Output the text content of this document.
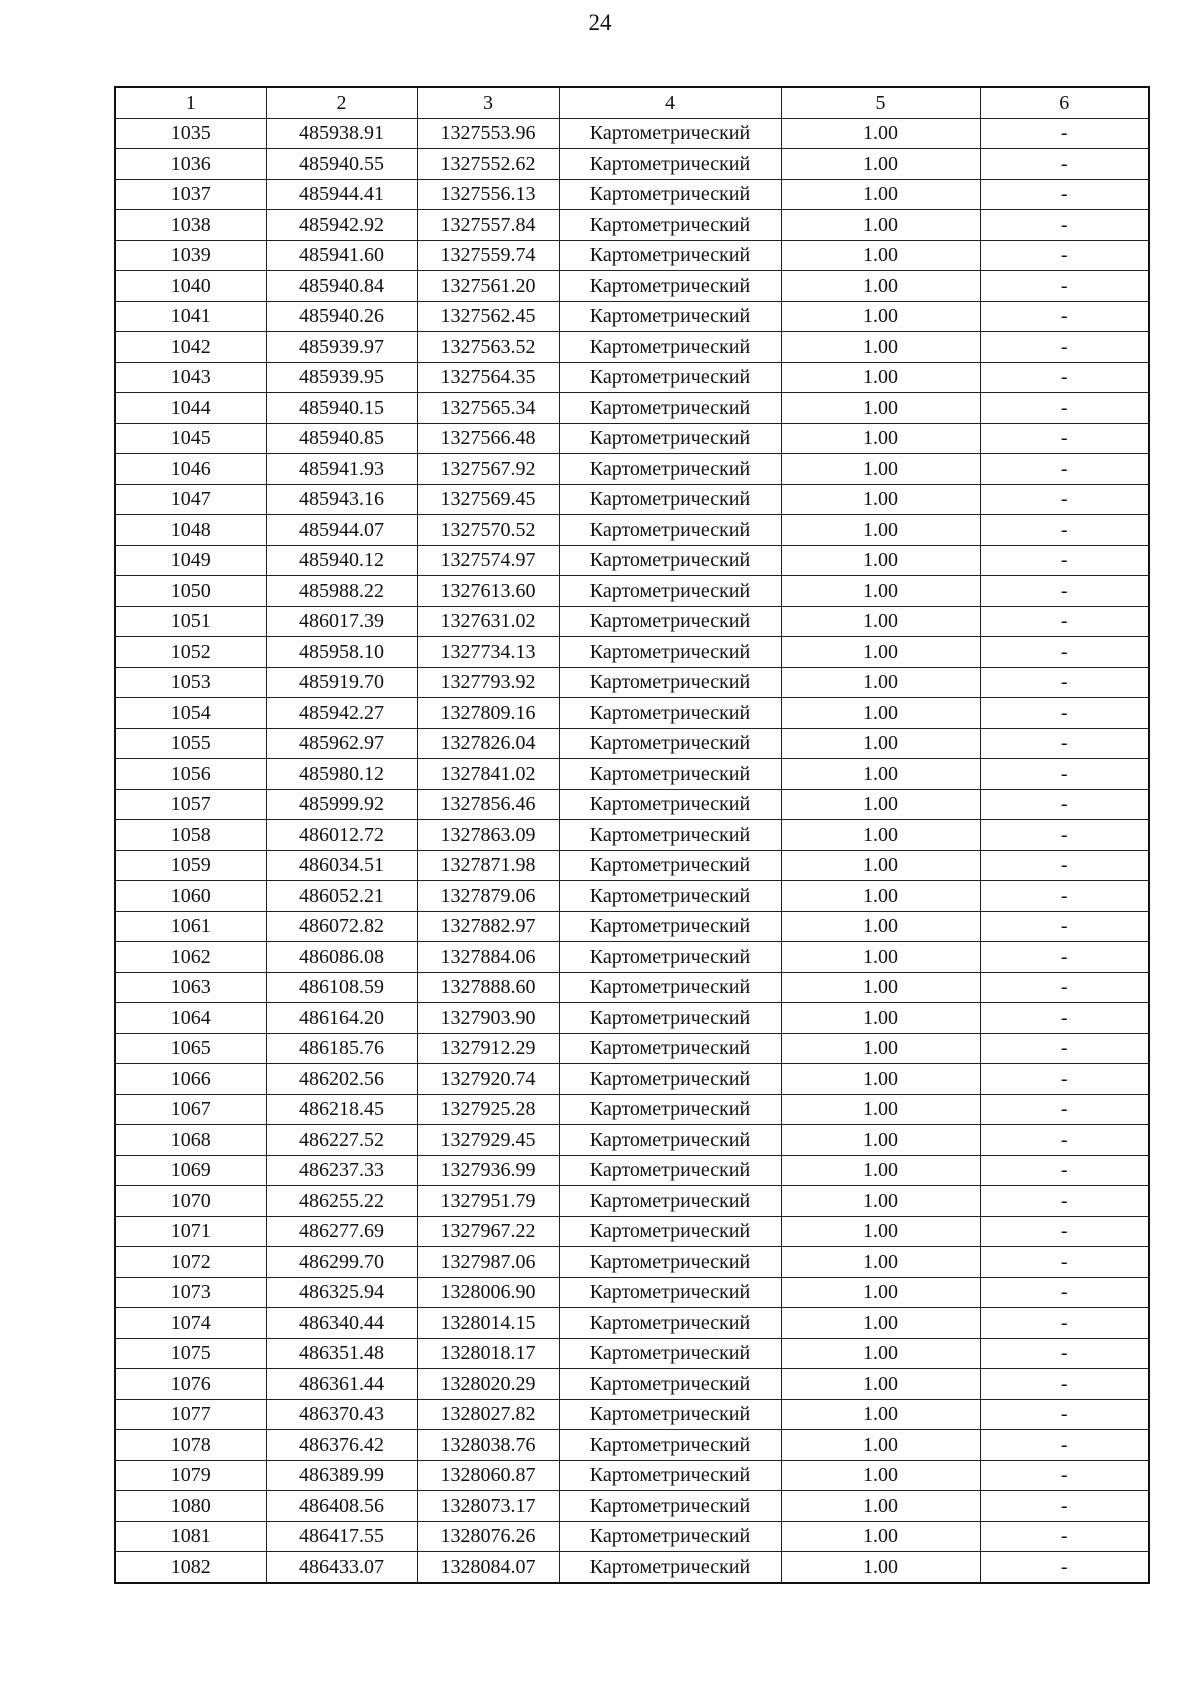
24
1	2	3	4	5	6
1035	485938.91	1327553.96	Картометрический	1.00	-
1036	485940.55	1327552.62	Картометрический	1.00	-
1037	485944.41	1327556.13	Картометрический	1.00	-
1038	485942.92	1327557.84	Картометрический	1.00	-
1039	485941.60	1327559.74	Картометрический	1.00	-
1040	485940.84	1327561.20	Картометрический	1.00	-
1041	485940.26	1327562.45	Картометрический	1.00	-
1042	485939.97	1327563.52	Картометрический	1.00	-
1043	485939.95	1327564.35	Картометрический	1.00	-
1044	485940.15	1327565.34	Картометрический	1.00	-
1045	485940.85	1327566.48	Картометрический	1.00	-
1046	485941.93	1327567.92	Картометрический	1.00	-
1047	485943.16	1327569.45	Картометрический	1.00	-
1048	485944.07	1327570.52	Картометрический	1.00	-
1049	485940.12	1327574.97	Картометрический	1.00	-
1050	485988.22	1327613.60	Картометрический	1.00	-
1051	486017.39	1327631.02	Картометрический	1.00	-
1052	485958.10	1327734.13	Картометрический	1.00	-
1053	485919.70	1327793.92	Картометрический	1.00	-
1054	485942.27	1327809.16	Картометрический	1.00	-
1055	485962.97	1327826.04	Картометрический	1.00	-
1056	485980.12	1327841.02	Картометрический	1.00	-
1057	485999.92	1327856.46	Картометрический	1.00	-
1058	486012.72	1327863.09	Картометрический	1.00	-
1059	486034.51	1327871.98	Картометрический	1.00	-
1060	486052.21	1327879.06	Картометрический	1.00	-
1061	486072.82	1327882.97	Картометрический	1.00	-
1062	486086.08	1327884.06	Картометрический	1.00	-
1063	486108.59	1327888.60	Картометрический	1.00	-
1064	486164.20	1327903.90	Картометрический	1.00	-
1065	486185.76	1327912.29	Картометрический	1.00	-
1066	486202.56	1327920.74	Картометрический	1.00	-
1067	486218.45	1327925.28	Картометрический	1.00	-
1068	486227.52	1327929.45	Картометрический	1.00	-
1069	486237.33	1327936.99	Картометрический	1.00	-
1070	486255.22	1327951.79	Картометрический	1.00	-
1071	486277.69	1327967.22	Картометрический	1.00	-
1072	486299.70	1327987.06	Картометрический	1.00	-
1073	486325.94	1328006.90	Картометрический	1.00	-
1074	486340.44	1328014.15	Картометрический	1.00	-
1075	486351.48	1328018.17	Картометрический	1.00	-
1076	486361.44	1328020.29	Картометрический	1.00	-
1077	486370.43	1328027.82	Картометрический	1.00	-
1078	486376.42	1328038.76	Картометрический	1.00	-
1079	486389.99	1328060.87	Картометрический	1.00	-
1080	486408.56	1328073.17	Картометрический	1.00	-
1081	486417.55	1328076.26	Картометрический	1.00	-
1082	486433.07	1328084.07	Картометрический	1.00	-
